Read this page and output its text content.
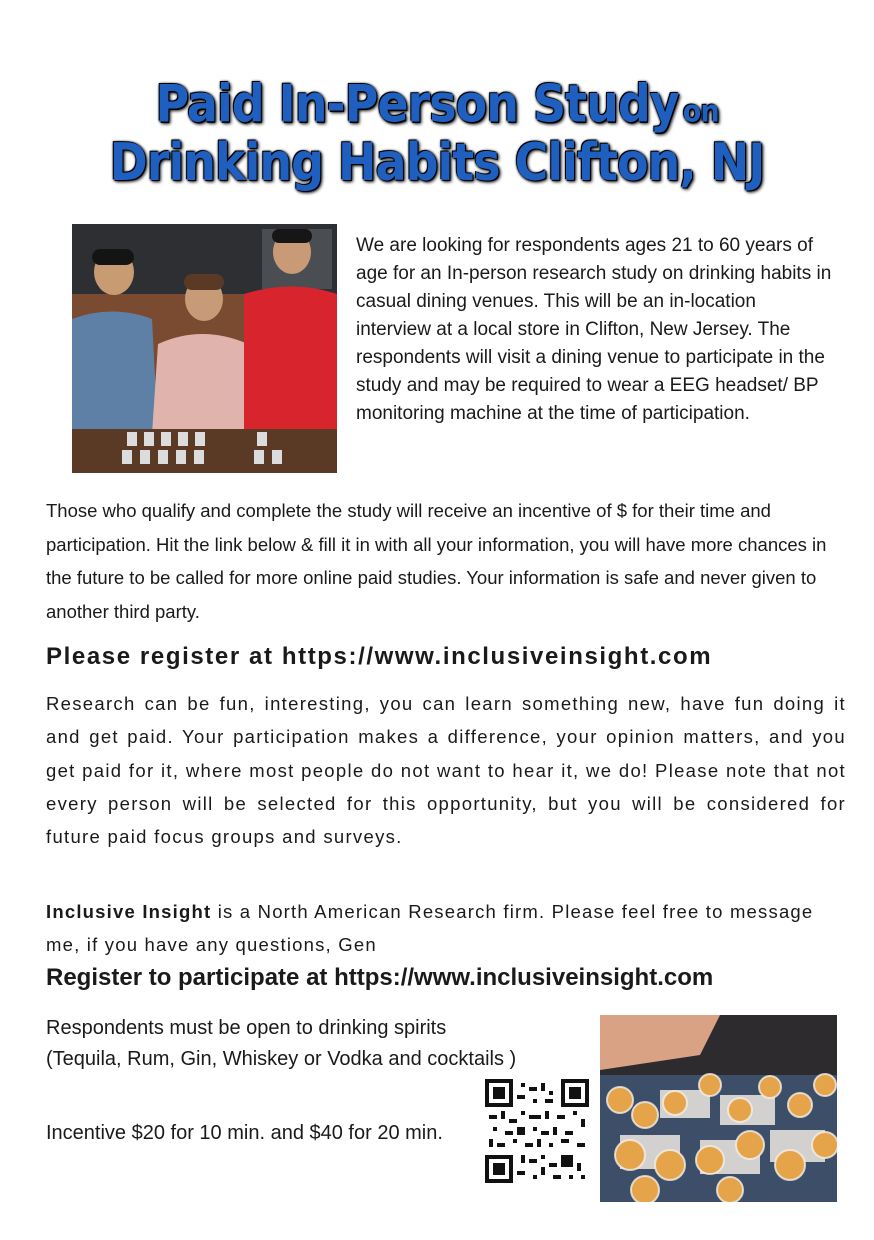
Paid In-Person Study on
Drinking Habits Clifton, NJ
We are looking for respondents ages 21 to 60 years of age for an In-person research study on drinking habits in casual dining venues. This will be an in-location interview at a local store in Clifton, New Jersey. The respondents will visit a dining venue to participate in the study and may be required to wear a EEG headset/ BP monitoring machine at the time of participation.
Those who qualify and complete the study will receive an incentive of $ for their time and participation. Hit the link below & fill it in with all your information, you will have more chances in the future to be called for more online paid studies. Your information is safe and never given to another third party.
Please register at https://www.inclusiveinsight.com
Research can be fun, interesting, you can learn something new, have fun doing it and get paid. Your participation makes a difference, your opinion matters, and you get paid for it, where most people do not want to hear it, we do! Please note that not every person will be selected for this opportunity, but you will be considered for future paid focus groups and surveys.
Inclusive Insight is a North American Research firm. Please feel free to message me, if you have any questions, Gen
Register to participate at https://www.inclusiveinsight.com
Respondents must be open to drinking spirits (Tequila, Rum, Gin, Whiskey or Vodka and cocktails )
Incentive $20 for 10 min. and $40 for 20 min.
